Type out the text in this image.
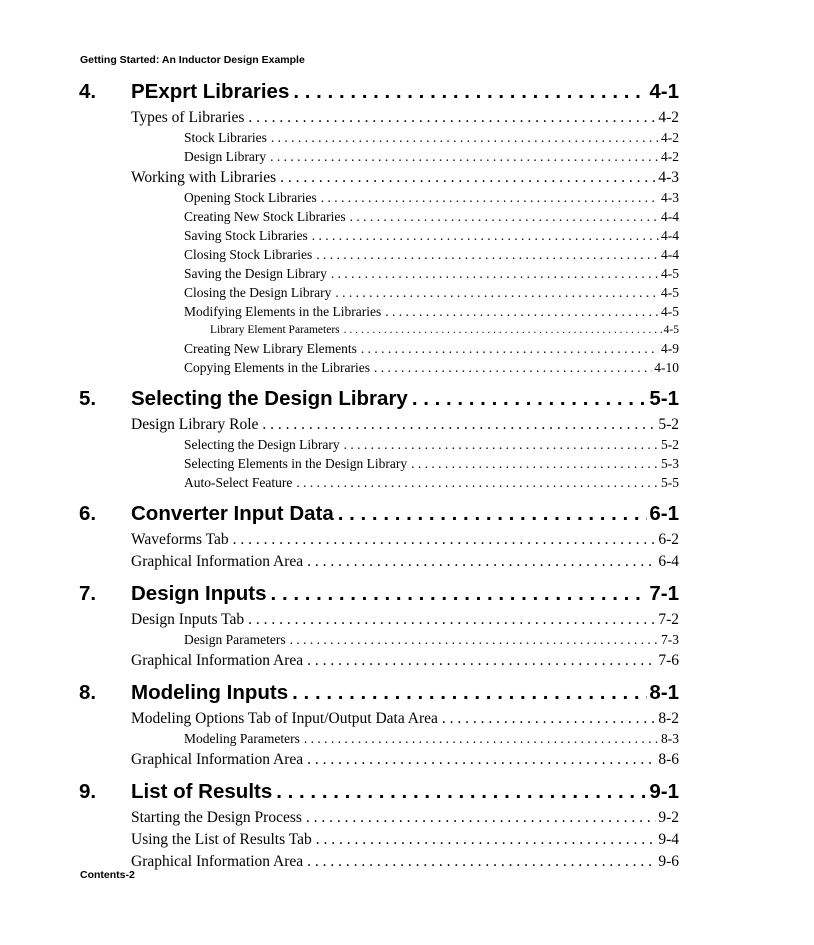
Getting Started: An Inductor Design Example
4.	PExprt Libraries . . .	4-1
Types of Libraries . . .	4-2
Stock Libraries . . .	4-2
Design Library . . .	4-2
Working with Libraries . . .	4-3
Opening Stock Libraries . . .	4-3
Creating New Stock Libraries . . .	4-4
Saving Stock Libraries . . .	4-4
Closing Stock Libraries . . .	4-4
Saving the Design Library . . .	4-5
Closing the Design Library . . .	4-5
Modifying Elements in the Libraries . . .	4-5
Library Element Parameters . . .	4-5
Creating New Library Elements . . .	4-9
Copying Elements in the Libraries . . .	4-10
5.	Selecting the Design Library . . .	5-1
Design Library Role . . .	5-2
Selecting the Design Library . . .	5-2
Selecting Elements in the Design Library . . .	5-3
Auto-Select Feature . . .	5-5
6.	Converter Input Data . . .	6-1
Waveforms Tab . . .	6-2
Graphical Information Area . . .	6-4
7.	Design Inputs . . .	7-1
Design Inputs Tab . . .	7-2
Design Parameters . . .	7-3
Graphical Information Area . . .	7-6
8.	Modeling Inputs . . .	8-1
Modeling Options Tab of Input/Output Data Area . . .	8-2
Modeling Parameters . . .	8-3
Graphical Information Area . . .	8-6
9.	List of Results . . .	9-1
Starting the Design Process . . .	9-2
Using the List of Results Tab . . .	9-4
Graphical Information Area . . .	9-6
Contents-2
